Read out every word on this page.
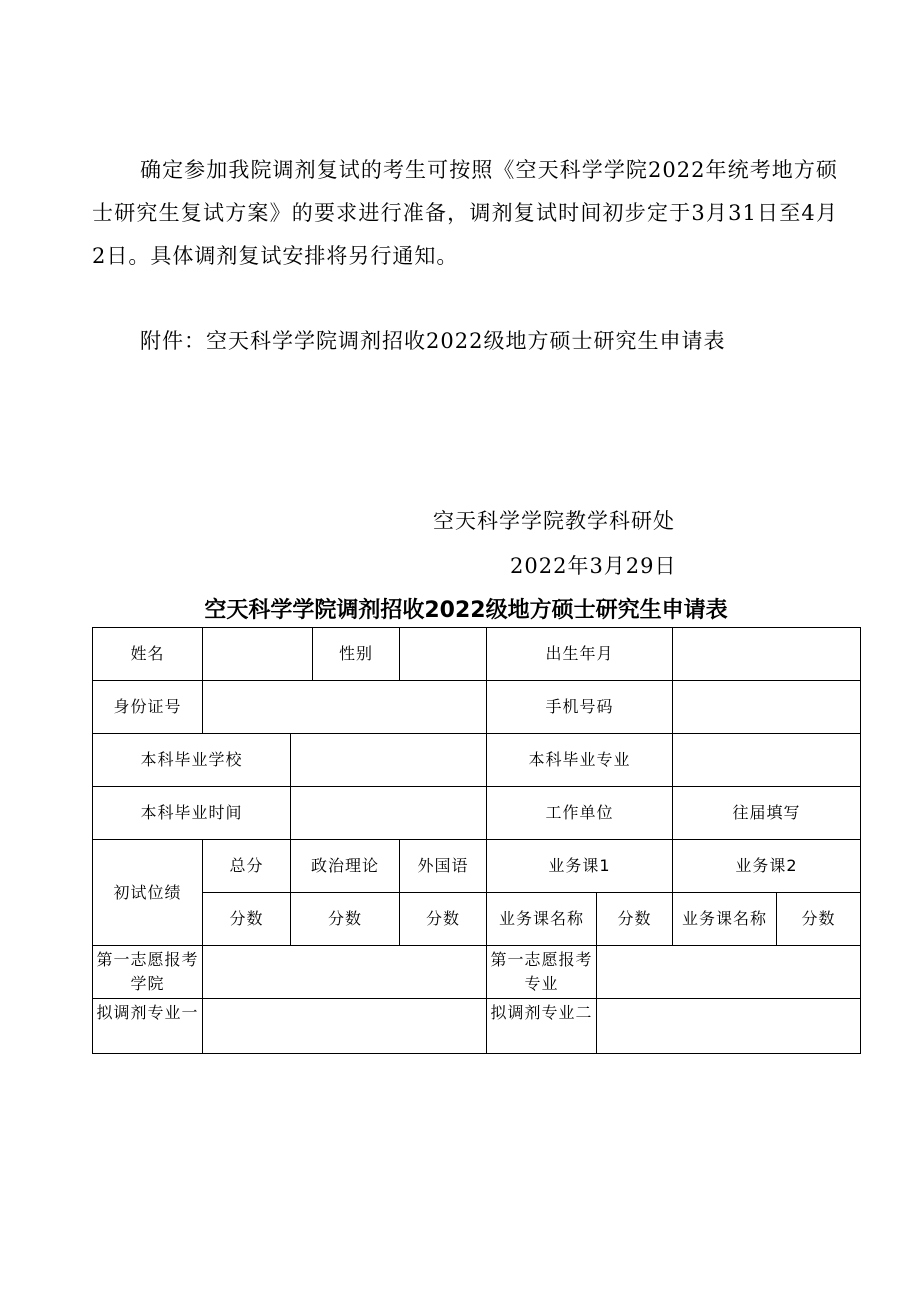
确定参加我院调剂复试的考生可按照《空天科学学院2022年统考地方硕士研究生复试方案》的要求进行准备，调剂复试时间初步定于3月31日至4月2日。具体调剂复试安排将另行通知。

附件：空天科学学院调剂招收2022级地方硕士研究生申请表

空天科学学院教学科研处

2022年3月29日

空天科学学院调剂招收2022级地方硕士研究生申请表
姓名			性别		出生年月			
身份证号					手机号码			
本科毕业学校					本科毕业专业			
本科毕业时间					工作单位		往届填写	
初试位绩	总分	政治理论		外国语	业务课1		业务课2	
	分数	分数		分数	业务课名称	分数	业务课名称	分数
第一志愿报考学院					第一志愿报考专业			
拟调剂专业一					拟调剂专业二			
